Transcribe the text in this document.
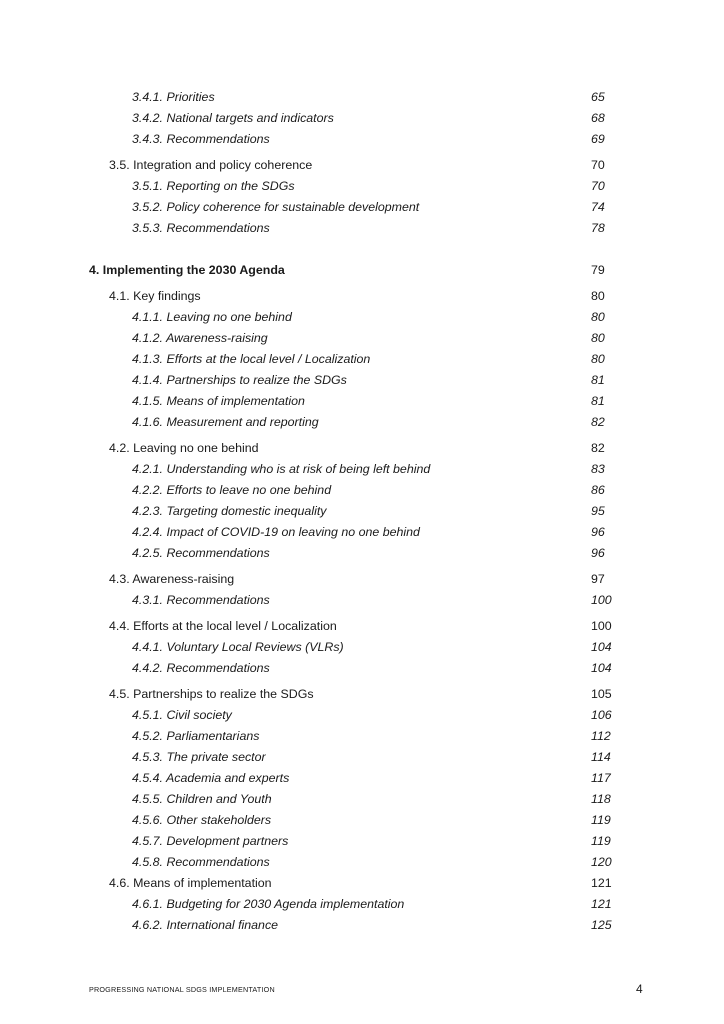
3.4.1. Priorities	65
3.4.2. National targets and indicators	68
3.4.3. Recommendations	69
3.5. Integration and policy coherence	70
3.5.1. Reporting on the SDGs	70
3.5.2. Policy coherence for sustainable development	74
3.5.3. Recommendations	78
4. Implementing the 2030 Agenda	79
4.1. Key findings	80
4.1.1. Leaving no one behind	80
4.1.2. Awareness-raising	80
4.1.3. Efforts at the local level / Localization	80
4.1.4. Partnerships to realize the SDGs	81
4.1.5. Means of implementation	81
4.1.6. Measurement and reporting	82
4.2. Leaving no one behind	82
4.2.1. Understanding who is at risk of being left behind	83
4.2.2. Efforts to leave no one behind	86
4.2.3. Targeting domestic inequality	95
4.2.4. Impact of COVID-19 on leaving no one behind	96
4.2.5. Recommendations	96
4.3. Awareness-raising	97
4.3.1. Recommendations	100
4.4. Efforts at the local level / Localization	100
4.4.1. Voluntary Local Reviews (VLRs)	104
4.4.2. Recommendations	104
4.5. Partnerships to realize the SDGs	105
4.5.1. Civil society	106
4.5.2. Parliamentarians	112
4.5.3. The private sector	114
4.5.4. Academia and experts	117
4.5.5. Children and Youth	118
4.5.6. Other stakeholders	119
4.5.7. Development partners	119
4.5.8. Recommendations	120
4.6. Means of implementation	121
4.6.1. Budgeting for 2030 Agenda implementation	121
4.6.2. International finance	125
PROGRESSING NATIONAL SDGS IMPLEMENTATION	4
